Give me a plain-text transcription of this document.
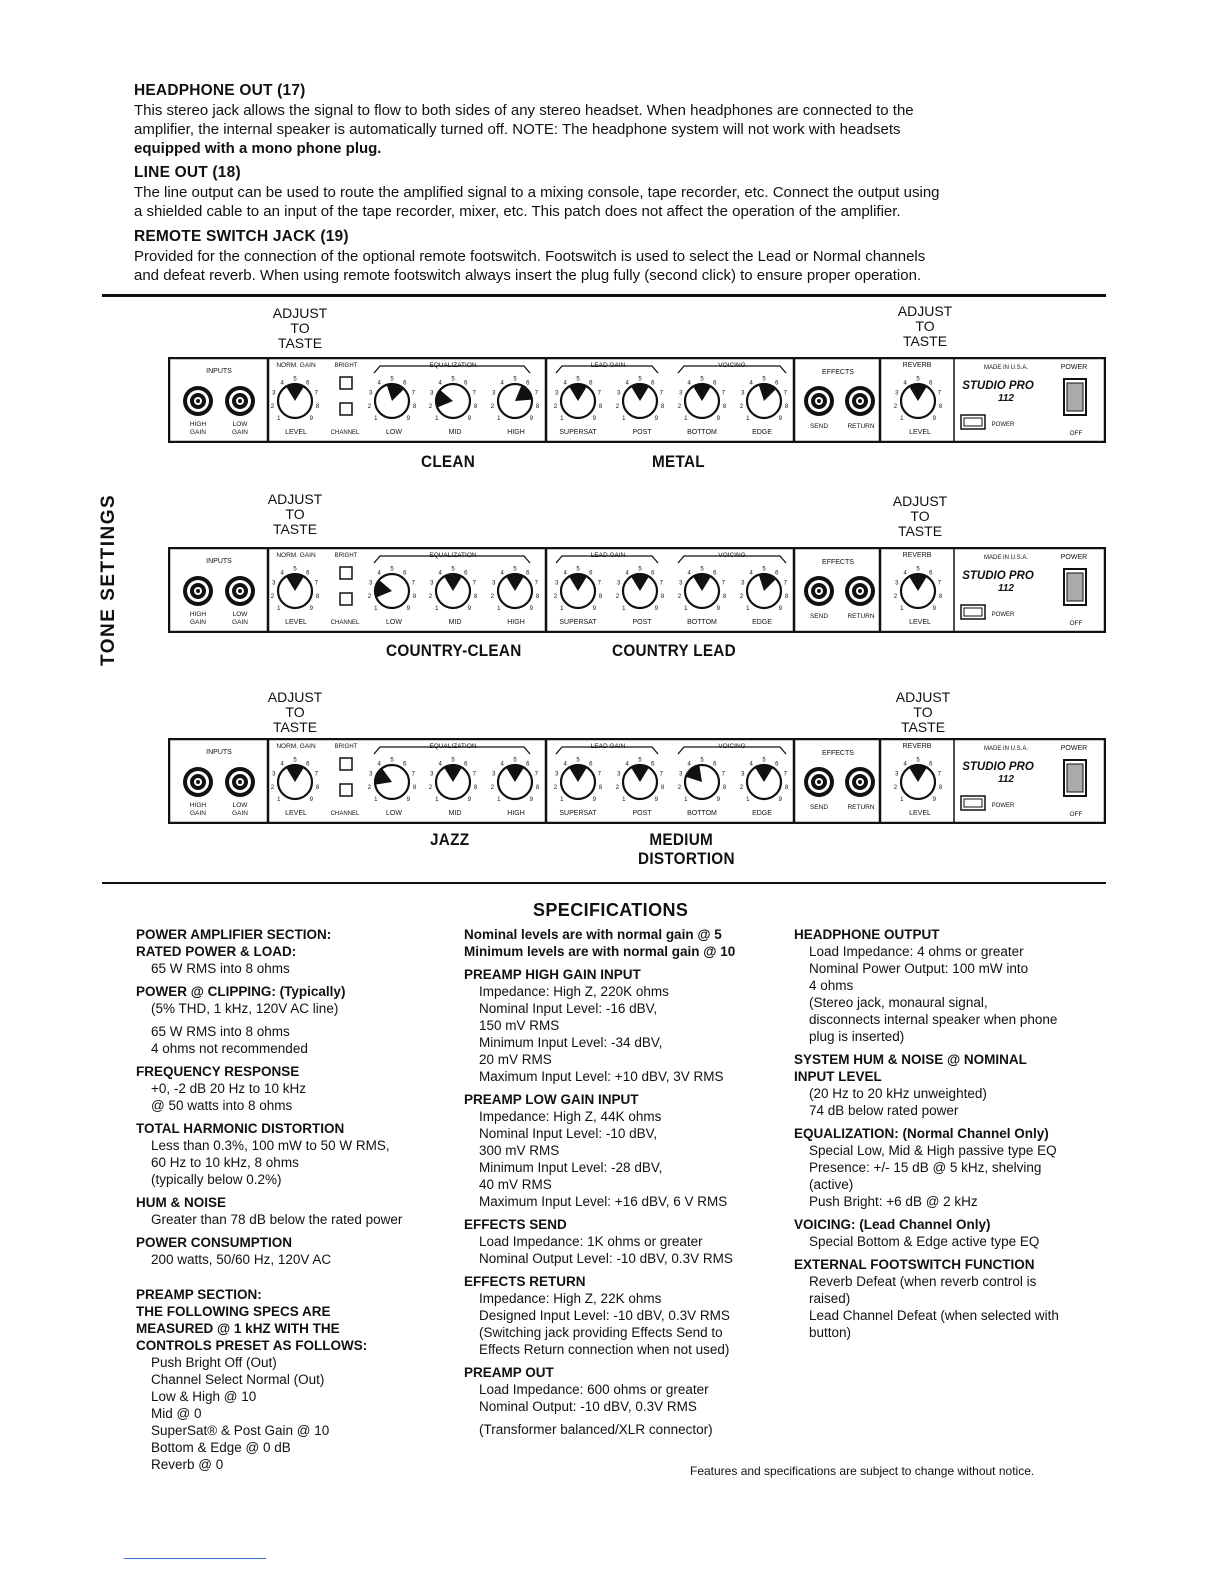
HEADPHONE OUT (17)
This stereo jack allows the signal to flow to both sides of any stereo headset. When headphones are connected to the
amplifier, the internal speaker is automatically turned off. NOTE: The headphone system will not work with headsets
equipped with a mono phone plug.
LINE OUT (18)
The line output can be used to route the amplified signal to a mixing console, tape recorder, etc. Connect the output using
a shielded cable to an input of the tape recorder, mixer, etc. This patch does not affect the operation of the amplifier.
REMOTE SWITCH JACK (19)
Provided for the connection of the optional remote footswitch. Footswitch is used to select the Lead or Normal channels
and defeat reverb. When using remote footswitch always insert the plug fully (second click) to ensure proper operation.
TONE SETTINGS
ADJUST
TO
TASTE
ADJUST
TO
TASTE
INPUTS
HIGH
GAIN
LOW
GAIN
NORM. GAIN	BRIGHT
1
2
3
4
5
6
7
8
9
LEVEL	CHANNEL
EQUALIZATION
1
2
3
4
5
6
7
8
9	1
2
3
4
5
6
7
8
9	1
2
3
4
5
6
7
8
9
LOW	MID	HIGH
LEAD GAIN
1
2
3
4
5
6
7
8
9	1
2
3
4
5
6
7
8
9
SUPERSAT	POST
VOICING
1
2
3
4
5
6
7
8
9	1
2
3
4
5
6
7
8
9
BOTTOM	EDGE
EFFECTS
SEND	RETURN
REVERB
1
2
3
4
5
6
7
8
9
LEVEL
MADE IN U.S.A.	POWER
STUDIO PRO
112
POWER
OFF
CLEAN	METAL
ADJUST
TO
TASTE
ADJUST
TO
TASTE
INPUTS
HIGH
GAIN
LOW
GAIN
NORM. GAIN	BRIGHT
1
2
3
4
5
6
7
8
9
LEVEL	CHANNEL
EQUALIZATION
1
2
3
4
5
6
7
8
9	1
2
3
4
5
6
7
8
9	1
2
3
4
5
6
7
8
9
LOW	MID	HIGH
LEAD GAIN
1
2
3
4
5
6
7
8
9	1
2
3
4
5
6
7
8
9
SUPERSAT	POST
VOICING
1
2
3
4
5
6
7
8
9	1
2
3
4
5
6
7
8
9
BOTTOM	EDGE
EFFECTS
SEND	RETURN
REVERB
1
2
3
4
5
6
7
8
9
LEVEL
MADE IN U.S.A.	POWER
STUDIO PRO
112
POWER
OFF
COUNTRY-CLEAN	COUNTRY LEAD
ADJUST
TO
TASTE
ADJUST
TO
TASTE
INPUTS
HIGH
GAIN
LOW
GAIN
NORM. GAIN	BRIGHT
1
2
3
4
5
6
7
8
9
LEVEL	CHANNEL
EQUALIZATION
1
2
3
4
5
6
7
8
9	1
2
3
4
5
6
7
8
9	1
2
3
4
5
6
7
8
9
LOW	MID	HIGH
LEAD GAIN
1
2
3
4
5
6
7
8
9	1
2
3
4
5
6
7
8
9
SUPERSAT	POST
VOICING
1
2
3
4
5
6
7
8
9	1
2
3
4
5
6
7
8
9
BOTTOM	EDGE
EFFECTS
SEND	RETURN
REVERB
1
2
3
4
5
6
7
8
9
LEVEL
MADE IN U.S.A.	POWER
STUDIO PRO
112
POWER
OFF
JAZZ	MEDIUM DISTORTION
SPECIFICATIONS
POWER AMPLIFIER SECTION:
RATED POWER & LOAD:
65 W RMS into 8 ohms
POWER @ CLIPPING: (Typically)
(5% THD, 1 kHz, 120V AC line)
65 W RMS into 8 ohms
4 ohms not recommended
FREQUENCY RESPONSE
+0, -2 dB 20 Hz to 10 kHz
@ 50 watts into 8 ohms
TOTAL HARMONIC DISTORTION
Less than 0.3%, 100 mW to 50 W RMS,
60 Hz to 10 kHz, 8 ohms
(typically below 0.2%)
HUM & NOISE
Greater than 78 dB below the rated power
POWER CONSUMPTION
200 watts, 50/60 Hz, 120V AC
PREAMP SECTION:
THE FOLLOWING SPECS ARE
MEASURED @ 1 kHZ WITH THE
CONTROLS PRESET AS FOLLOWS:
Push Bright Off (Out)
Channel Select Normal (Out)
Low & High @ 10
Mid @ 0
SuperSat® & Post Gain @ 10
Bottom & Edge @ 0 dB
Reverb @ 0
Nominal levels are with normal gain @ 5
Minimum levels are with normal gain @ 10
PREAMP HIGH GAIN INPUT
Impedance: High Z, 220K ohms
Nominal Input Level: -16 dBV,
150 mV RMS
Minimum Input Level: -34 dBV,
20 mV RMS
Maximum Input Level: +10 dBV, 3V RMS
PREAMP LOW GAIN INPUT
Impedance: High Z, 44K ohms
Nominal Input Level: -10 dBV,
300 mV RMS
Minimum Input Level: -28 dBV,
40 mV RMS
Maximum Input Level: +16 dBV, 6 V RMS
EFFECTS SEND
Load Impedance: 1K ohms or greater
Nominal Output Level: -10 dBV, 0.3V RMS
EFFECTS RETURN
Impedance: High Z, 22K ohms
Designed Input Level: -10 dBV, 0.3V RMS
(Switching jack providing Effects Send to
Effects Return connection when not used)
PREAMP OUT
Load Impedance: 600 ohms or greater
Nominal Output: -10 dBV, 0.3V RMS
(Transformer balanced/XLR connector)
HEADPHONE OUTPUT
Load Impedance: 4 ohms or greater
Nominal Power Output: 100 mW into
4 ohms
(Stereo jack, monaural signal,
disconnects internal speaker when phone
plug is inserted)
SYSTEM HUM & NOISE @ NOMINAL
INPUT LEVEL
(20 Hz to 20 kHz unweighted)
74 dB below rated power
EQUALIZATION: (Normal Channel Only)
Special Low, Mid & High passive type EQ
Presence: +/- 15 dB @ 5 kHz, shelving
(active)
Push Bright: +6 dB @ 2 kHz
VOICING: (Lead Channel Only)
Special Bottom & Edge active type EQ
EXTERNAL FOOTSWITCH FUNCTION
Reverb Defeat (when reverb control is
raised)
Lead Channel Defeat (when selected with
button)
Features and specifications are subject to change without notice.
